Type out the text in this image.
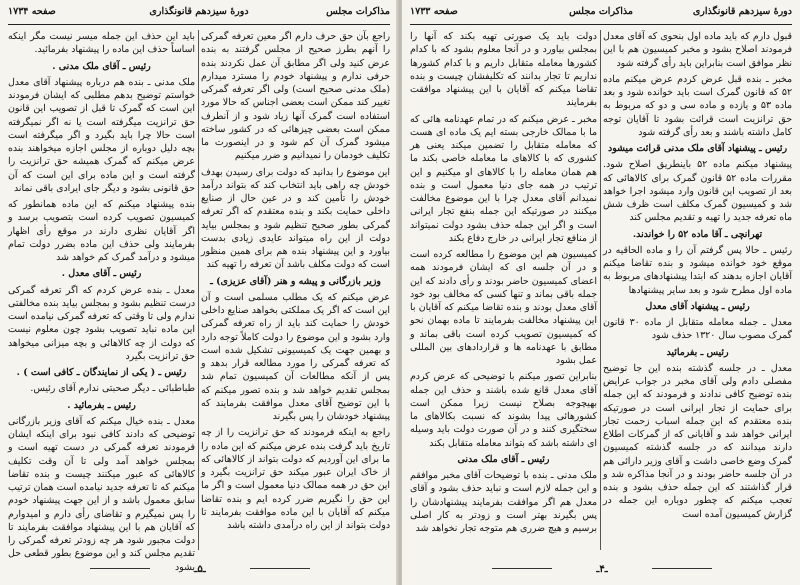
مذاکرات مجلس
دورهٔ سیزدهم قانونگذاری
صفحه ۱۷۳۴

راجع بآن حق حرف دارم اگر معین تعرفه گمرکی را آنهم بطرز صحیح از مجلس گرفتند به بنده عرض کنید ولی اگر مطابق آن عمل نکردند بنده حرفی ندارم و پیشنهاد خودم را مسترد میدارم (ملک مدنی صحیح است) ولی اگر تعرفه گمرکی تغییر کند ممکن است بعضی اجناس که حالا مورد استفاده است گمرک آنها زیاد شود و از آنطرف ممکن است بعضی چیزهائی که در کشور ساخته میشود گمرک آن کم شود و در اینصورت ما تکلیف خودمان را نمیدانیم و ضرر میکنیم

این موضوع را بدانید که دولت برای رسیدن بهدف خودش چه راهی باید انتخاب کند که بتواند درآمد خودش را تأمین کند و در عین حال از صنایع داخلی حمایت بکند و بنده معتقدم که اگر تعرفه گمرکی بطور صحیح تنظیم شود و بمجلس بیاید دولت از این راه میتواند عایدی زیادی بدست بیاورد و این پیشنهاد بنده هم برای همین منظور است که دولت مکلف باشد آن تعرفه را تهیه کند

وزیر بازرگانی و پیشه و هنر (آقای عزیزی) ـ

عرض میکنم که یک مطلب مسلمی است و آن این است که اگر یک مملکتی بخواهد صنایع داخلی خودش را حمایت کند باید از راه تعرفه گمرکی وارد بشود و این موضوع را دولت کاملاً توجه دارد و بهمین جهت یک کمیسیونی تشکیل شده است که تعرفه گمرکی را مورد مطالعه قرار بدهد و پس از آنکه مطالعات آن کمیسیون تمام شد بمجلس تقدیم خواهد شد و بنده تصور میکنم که با این توضیح آقای معدل موافقت بفرمایند که پیشنهاد خودشان را پس بگیرند

راجع به اینکه فرمودند که حق ترانزیت را از چه تاریخ باید گرفت بنده عرض میکنم که این ماده را ما برای این آوردیم که دولت بتواند از کالاهائی که از خاک ایران عبور میکند حق ترانزیت بگیرد و این حق در همه ممالک دنیا معمول است و اگر ما این حق را نگیریم ضرر کرده ایم و بنده تقاضا میکنم که آقایان با این ماده موافقت بفرمایند تا دولت بتواند از این راه درآمدی داشته باشد

باید این حذف این جمله میسر نیست مگر اینکه اساساً حذف این ماده را پیشنهاد بفرمائید.

رئیس ـ آقای ملک مدنی .

ملک مدنی ـ بنده هم درباره پیشنهاد آقای معدل خواستم توضیح بدهم مطلبی که ایشان فرمودند این است که گمرک تا قبل از تصویب این قانون حق ترانزیت میگرفته است یا نه اگر نمیگرفته است حالا چرا باید بگیرد و اگر میگرفته است بچه دلیل دوباره از مجلس اجازه میخواهند بنده عرض میکنم که گمرک همیشه حق ترانزیت را گرفته است و این ماده برای این است که آن حق قانونی بشود و دیگر جای ایرادی باقی نماند

بنده پیشنهاد میکنم که این ماده همانطور که کمیسیون تصویب کرده است بتصویب برسد و اگر آقایان نظری دارند در موقع رأی اظهار بفرمایند ولی حذف این ماده بضرر دولت تمام میشود و درآمد گمرک کم خواهد شد

رئیس ـ آقای معدل .

معدل ـ بنده عرض کردم که اگر تعرفه گمرکی درست تنظیم بشود و بمجلس بیاید بنده مخالفتی ندارم ولی تا وقتی که تعرفه گمرکی نیامده است این ماده نباید تصویب بشود چون معلوم نیست که دولت از چه کالاهائی و بچه میزانی میخواهد حق ترانزیت بگیرد

رئیس ـ ( یکی از نمایندگان ـ کافی است ) .

طباطبائی ـ دیگر صحبتی ندارم آقای رئیس.

رئیس ـ بفرمائید .

معدل ـ بنده خیال میکنم که آقای وزیر بازرگانی توضیحی که دادند کافی نبود برای اینکه ایشان فرمودند تعرفه گمرکی در دست تهیه است و بمجلس خواهد آمد ولی تا آن وقت تکلیف کالاهائی که عبور میکنند چیست و بنده تقاضا میکنم که تا تعرفه جدید نیامده است همان ترتیب سابق معمول باشد و از این جهت پیشنهاد خودم را پس نمیگیرم و تقاضای رأی دارم و امیدوارم که آقایان هم با این پیشنهاد موافقت بفرمایند تا دولت مجبور شود هر چه زودتر تعرفه گمرکی را تقدیم مجلس کند و این موضوع بطور قطعی حل بشود ـ۵ـ
دورهٔ سیزدهم قانونگذاری
مذاکرات مجلس
صفحه ۱۷۳۳

قبول دارم که باید ماده اول بنحوی که آقای معدل فرمودند اصلاح بشود و مخبر کمیسیون هم با این نظر موافق است بنابراین باید رأی گرفته شود

مخبر ـ بنده قبل عرض کردم عرض میکنم ماده ۵۲ که قانون گمرک است باید خوانده شود و بعد ماده ۵۳ و یازده و ماده سی و دو که مربوط به حق ترانزیت است قرائت بشود تا آقایان توجه کامل داشته باشند و بعد رأی گرفته شود

رئیس ـ پیشنهاد آقای ملک مدنی قرائت میشود

پیشنهاد میکنم ماده ۵۲ باینطریق اصلاح شود. مقررات ماده ۵۲ قانون گمرک برای کالاهائی که بعد از تصویب این قانون وارد میشود اجرا خواهد شد و کمیسیون گمرک مکلف است ظرف شش ماه تعرفه جدید را تهیه و تقدیم مجلس کند

تهرانچی ـ آقا ماده ۵۲ را خواندند.

رئیس ـ حالا پس گرفتم آن را و ماده الحاقیه در موقع خود خوانده میشود و بنده تقاضا میکنم آقایان اجازه بدهند که ابتدا پیشنهادهای مربوط به ماده اول مطرح شود و بعد سایر پیشنهادها

رئیس ـ پیشنهاد آقای معدل

معدل ـ جمله معامله متقابل از ماده ۳۰ قانون گمرک مصوب سال ۱۳۲۰ حذف شود

رئیس ـ بفرمائید

معدل ـ در جلسه گذشته بنده این جا توضیح مفصلی دادم ولی آقای مخبر در جواب عرایض بنده توضیح کافی ندادند و فرمودند که این جمله برای حمایت از تجار ایرانی است در صورتیکه بنده معتقدم که این جمله اسباب زحمت تجار ایرانی خواهد شد و آقایانی که از گمرکات اطلاع دارند میدانند که در جلسه گذشته کمیسیون گمرک وضع خاصی داشت و آقای وزیر دارائی هم در آن جلسه حاضر بودند و در آنجا مذاکره شد و قرار گذاشتند که این جمله حذف بشود و بنده تعجب میکنم که چطور دوباره این جمله در گزارش کمیسیون آمده است

دولت باید یک صورتی تهیه بکند که آنها را بمجلس بیاورد و در آنجا معلوم بشود که با کدام کشورها معامله متقابل داریم و با کدام کشورها نداریم تا تجار بدانند که تکلیفشان چیست و بنده تقاضا میکنم که آقایان با این پیشنهاد موافقت بفرمایند

مخبر ـ عرض میکنم که در تمام عهدنامه هائی که ما با ممالک خارجی بسته ایم یک ماده ای هست که معامله متقابل را تضمین میکند یعنی هر کشوری که با کالاهای ما معامله خاصی بکند ما هم همان معامله را با کالاهای او میکنیم و این ترتیب در همه جای دنیا معمول است و بنده نمیدانم آقای معدل چرا با این موضوع مخالفت میکنند در صورتیکه این جمله بنفع تجار ایرانی است و اگر این جمله حذف بشود دولت نمیتواند از منافع تجار ایرانی در خارج دفاع بکند

کمیسیون هم این موضوع را مطالعه کرده است و در آن جلسه ای که ایشان فرمودند همه اعضای کمیسیون حاضر بودند و رأی دادند که این جمله باقی بماند و تنها کسی که مخالف بود خود آقای معدل بودند و بنده تقاضا میکنم که آقایان با این پیشنهاد مخالفت بفرمایند تا ماده بهمان نحو که کمیسیون تصویب کرده است باقی بماند و مطابق با عهدنامه ها و قراردادهای بین المللی عمل بشود

بنابراین تصور میکنم با توضیحی که عرض کردم آقای معدل قانع شده باشند و حذف این جمله بهیچوجه بصلاح نیست زیرا ممکن است کشورهائی پیدا بشوند که نسبت بکالاهای ما سختگیری کنند و در آن صورت دولت باید وسیله ای داشته باشد که بتواند معامله متقابل بکند

رئیس ـ آقای ملک مدنی

ملک مدنی ـ بنده با توضیحات آقای مخبر موافقم و این جمله لازم است و نباید حذف بشود و آقای معدل هم اگر موافقت بفرمایند پیشنهادشان را پس بگیرند بهتر است و زودتر به کار اصلی برسیم و هیچ ضرری هم متوجه تجار نخواهد شد

ـ۴ـ
